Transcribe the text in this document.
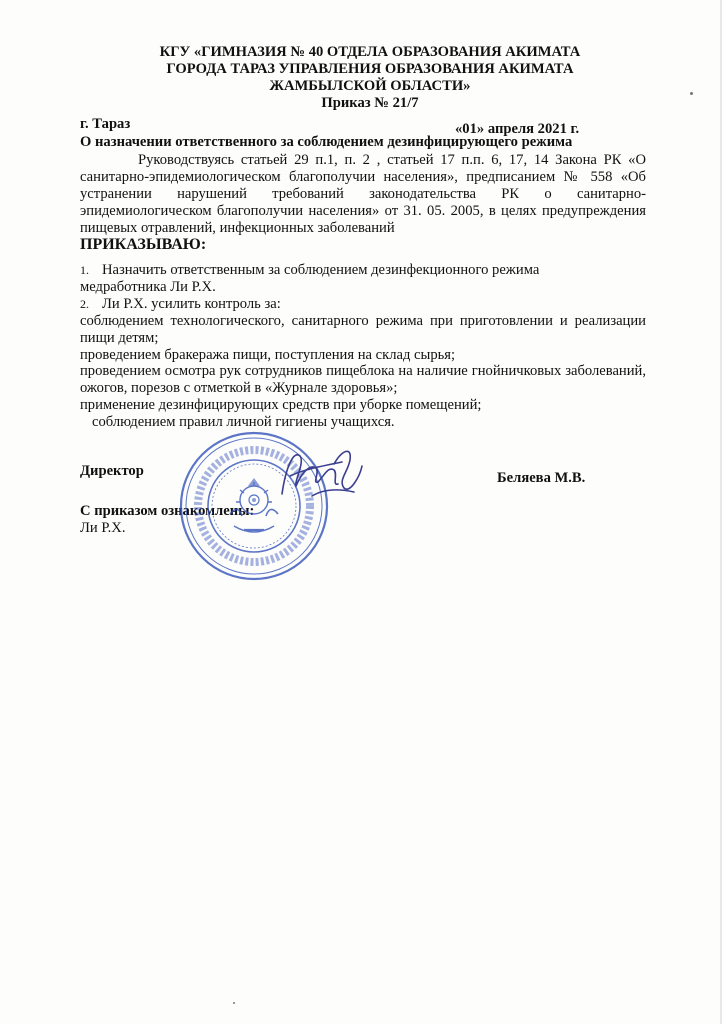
КГУ «ГИМНАЗИЯ № 40 ОТДЕЛА ОБРАЗОВАНИЯ АКИМАТА
ГОРОДА ТАРАЗ УПРАВЛЕНИЯ ОБРАЗОВАНИЯ АКИМАТА
ЖАМБЫЛСКОЙ ОБЛАСТИ»
Приказ № 21/7
г. Тараз	«01» апреля 2021 г.
О назначении ответственного за соблюдением дезинфицирующего режима
Руководствуясь статьей 29 п.1, п. 2 , статьей 17 п.п. 6, 17, 14 Закона РК «О санитарно-эпидемиологическом благополучии населения», предписанием № 558 «Об устранении нарушений требований законодательства РК о санитарно-эпидемиологическом благополучии населения» от 31. 05. 2005, в целях предупреждения пищевых отравлений, инфекционных заболеваний
ПРИКАЗЫВАЮ:
1. Назначить ответственным за соблюдением дезинфекционного режима
медработника Ли Р.Х.
2. Ли Р.Х. усилить контроль за:
соблюдением технологического, санитарного режима при приготовлении и реализации пищи детям;
проведением бракеража пищи, поступления на склад сырья;
проведением осмотра рук сотрудников пищеблока на наличие гнойничковых заболеваний, ожогов, порезов с отметкой в «Журнале здоровья»;
применение дезинфицирующих средств при уборке помещений;
соблюдением правил личной гигиены учащихся.
Директор	Беляева М.В.
С приказом ознакомлены:
Ли Р.Х.
